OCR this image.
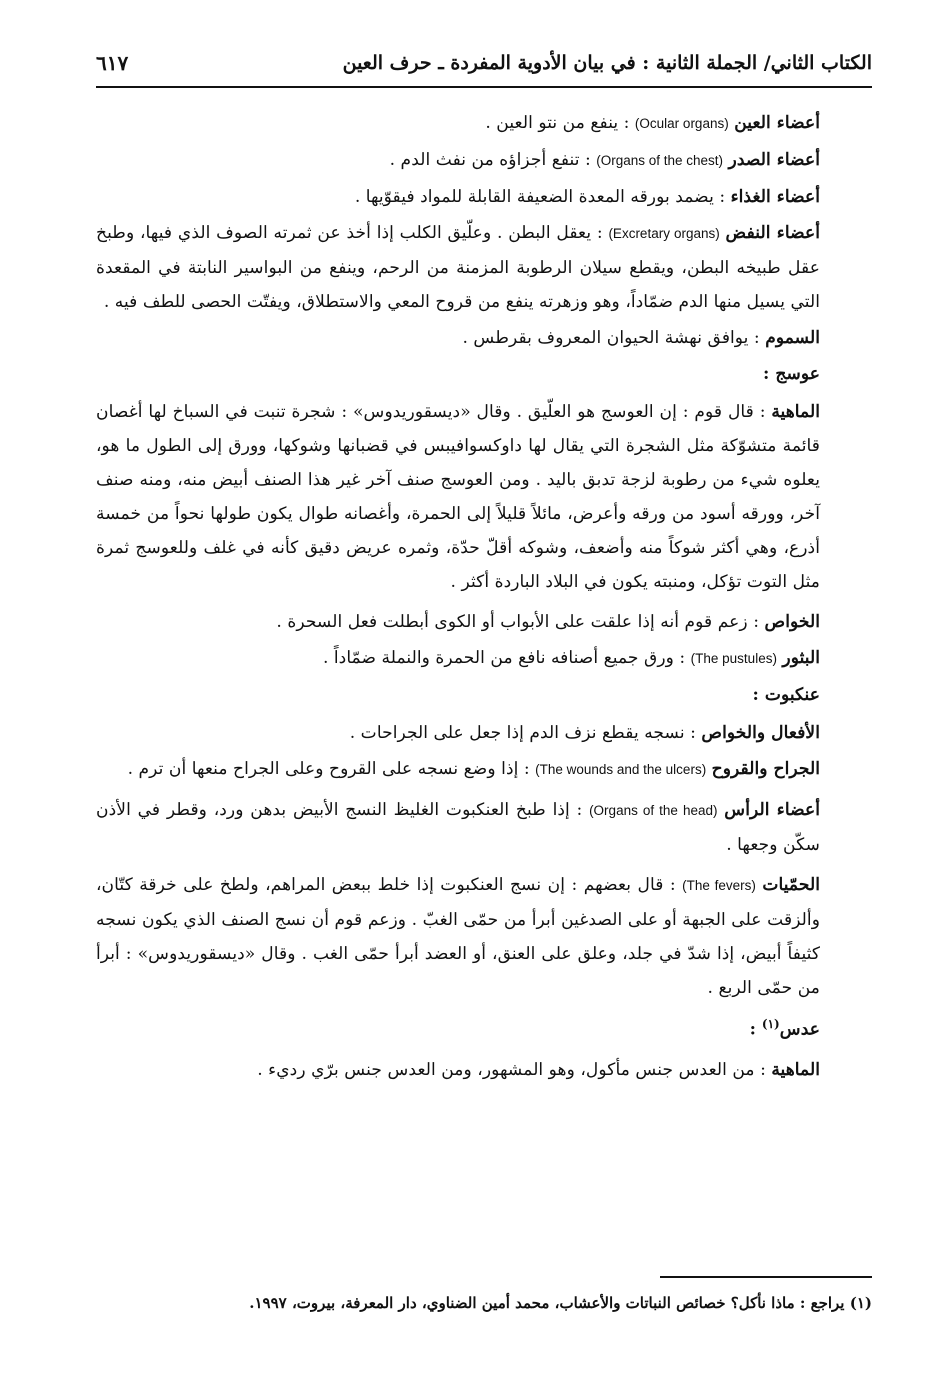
الكتاب الثاني/ الجملة الثانية : في بيان الأدوية المفردة ـ حرف العين
٦١٧

أعضاء العين (Ocular organs) : ينفع من نتو العين .

أعضاء الصدر (Organs of the chest) : تنفع أجزاؤه من نفث الدم .

أعضاء الغذاء : يضمد بورقه المعدة الضعيفة القابلة للمواد فيقوّيها .

أعضاء النفض (Excretary organs) : يعقل البطن . وعلّيق الكلب إذا أخذ عن ثمرته الصوف الذي فيها، وطبخ عقل طبيخه البطن، ويقطع سيلان الرطوبة المزمنة من الرحم، وينفع من البواسير النابتة في المقعدة التي يسيل منها الدم ضمّاداً، وهو وزهرته ينفع من قروح المعي والاستطلاق، ويفتّت الحصى للطف فيه .

السموم : يوافق نهشة الحيوان المعروف بقرطس .

عوسج :

الماهية : قال قوم : إن العوسج هو العلّيق . وقال «ديسقوريدوس» : شجرة تنبت في السباخ لها أغصان قائمة متشوّكة مثل الشجرة التي يقال لها داوكسوافيبس في قضبانها وشوكها، وورق إلى الطول ما هو، يعلوه شيء من رطوبة لزجة تدبق باليد . ومن العوسج صنف آخر غير هذا الصنف أبيض منه، ومنه صنف آخر، وورقه أسود من ورقه وأعرض، مائلاً قليلاً إلى الحمرة، وأغصانه طوال يكون طولها نحواً من خمسة أذرع، وهي أكثر شوكاً منه وأضعف، وشوكه أقلّ حدّة، وثمره عريض دقيق كأنه في غلف وللعوسج ثمرة مثل التوت تؤكل، ومنبته يكون في البلاد الباردة أكثر .

الخواص : زعم قوم أنه إذا علقت على الأبواب أو الكوى أبطلت فعل السحرة .

البثور (The pustules) : ورق جميع أصنافه نافع من الحمرة والنملة ضمّاداً .

عنكبوت :

الأفعال والخواص : نسجه يقطع نزف الدم إذا جعل على الجراحات .

الجراح والقروح (The wounds and the ulcers) : إذا وضع نسجه على القروح وعلى الجراح منعها أن ترم .

أعضاء الرأس (Organs of the head) : إذا طبخ العنكبوت الغليظ النسج الأبيض بدهن ورد، وقطر في الأذن سكّن وجعها .

الحمّيات (The fevers) : قال بعضهم : إن نسج العنكبوت إذا خلط ببعض المراهم، ولطخ على خرقة كتّان، وألزقت على الجبهة أو على الصدغين أبرأ من حمّى الغبّ . وزعم قوم أن نسج الصنف الذي يكون نسجه كثيفاً أبيض، إذا شدّ في جلد، وعلق على العنق، أو العضد أبرأ حمّى الغب . وقال «ديسقوريدوس» : أبرأ من حمّى الربع .

عدس$^{(١)}$ :

الماهية : من العدس جنس مأكول، وهو المشهور، ومن العدس جنس برّي رديء .

(١) يراجع : ماذا نأكل؟ خصائص النباتات والأعشاب، محمد أمين الضناوي، دار المعرفة، بيروت، ١٩٩٧.
